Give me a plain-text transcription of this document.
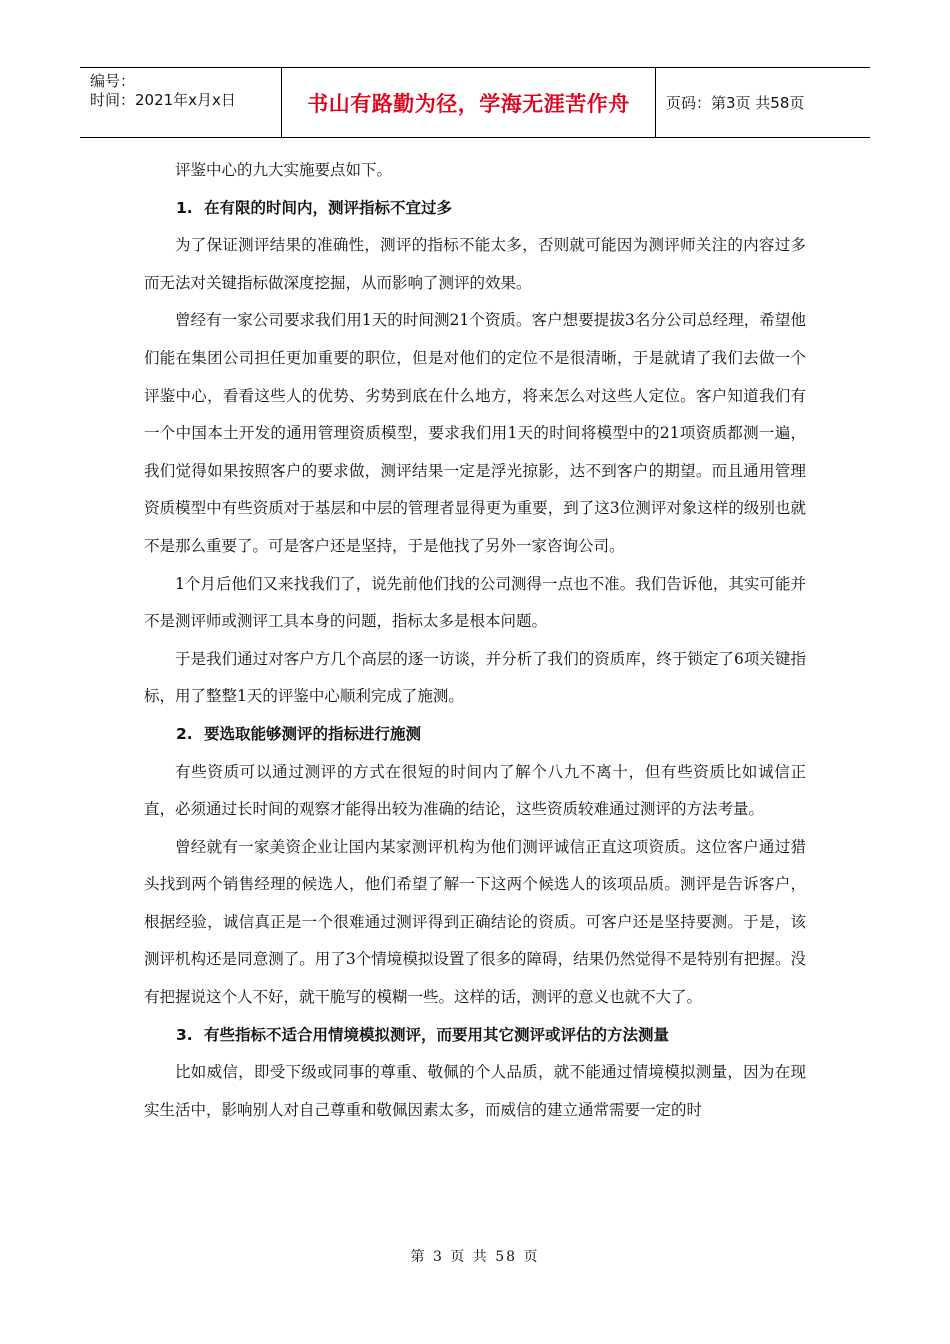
编号：
时间：2021年x月x日	书山有路勤为径，学海无涯苦作舟 页码：第3页 共58页

评鉴中心的九大实施要点如下。

1. 在有限的时间内，测评指标不宜过多

为了保证测评结果的准确性，测评的指标不能太多，否则就可能因为测评师关注的内容过多而无法对关键指标做深度挖掘，从而影响了测评的效果。

曾经有一家公司要求我们用1天的时间测21个资质。客户想要提拔3名分公司总经理，希望他们能在集团公司担任更加重要的职位，但是对他们的定位不是很清晰，于是就请了我们去做一个评鉴中心，看看这些人的优势、劣势到底在什么地方，将来怎么对这些人定位。客户知道我们有一个中国本土开发的通用管理资质模型，要求我们用1天的时间将模型中的21项资质都测一遍，我们觉得如果按照客户的要求做，测评结果一定是浮光掠影，达不到客户的期望。而且通用管理资质模型中有些资质对于基层和中层的管理者显得更为重要，到了这3位测评对象这样的级别也就不是那么重要了。可是客户还是坚持，于是他找了另外一家咨询公司。

1个月后他们又来找我们了，说先前他们找的公司测得一点也不准。我们告诉他，其实可能并不是测评师或测评工具本身的问题，指标太多是根本问题。

于是我们通过对客户方几个高层的逐一访谈，并分析了我们的资质库，终于锁定了6项关键指标，用了整整1天的评鉴中心顺利完成了施测。

2. 要选取能够测评的指标进行施测

有些资质可以通过测评的方式在很短的时间内了解个八九不离十，但有些资质比如诚信正直，必须通过长时间的观察才能得出较为准确的结论，这些资质较难通过测评的方法考量。

曾经就有一家美资企业让国内某家测评机构为他们测评诚信正直这项资质。这位客户通过猎头找到两个销售经理的候选人，他们希望了解一下这两个候选人的该项品质。测评是告诉客户，根据经验，诚信真正是一个很难通过测评得到正确结论的资质。可客户还是坚持要测。于是，该测评机构还是同意测了。用了3个情境模拟设置了很多的障碍，结果仍然觉得不是特别有把握。没有把握说这个人不好，就干脆写的模糊一些。这样的话，测评的意义也就不大了。

3. 有些指标不适合用情境模拟测评，而要用其它测评或评估的方法测量

比如威信，即受下级或同事的尊重、敬佩的个人品质，就不能通过情境模拟测量，因为在现实生活中，影响别人对自己尊重和敬佩因素太多，而威信的建立通常需要一定的时

第 3 页 共 58 页
